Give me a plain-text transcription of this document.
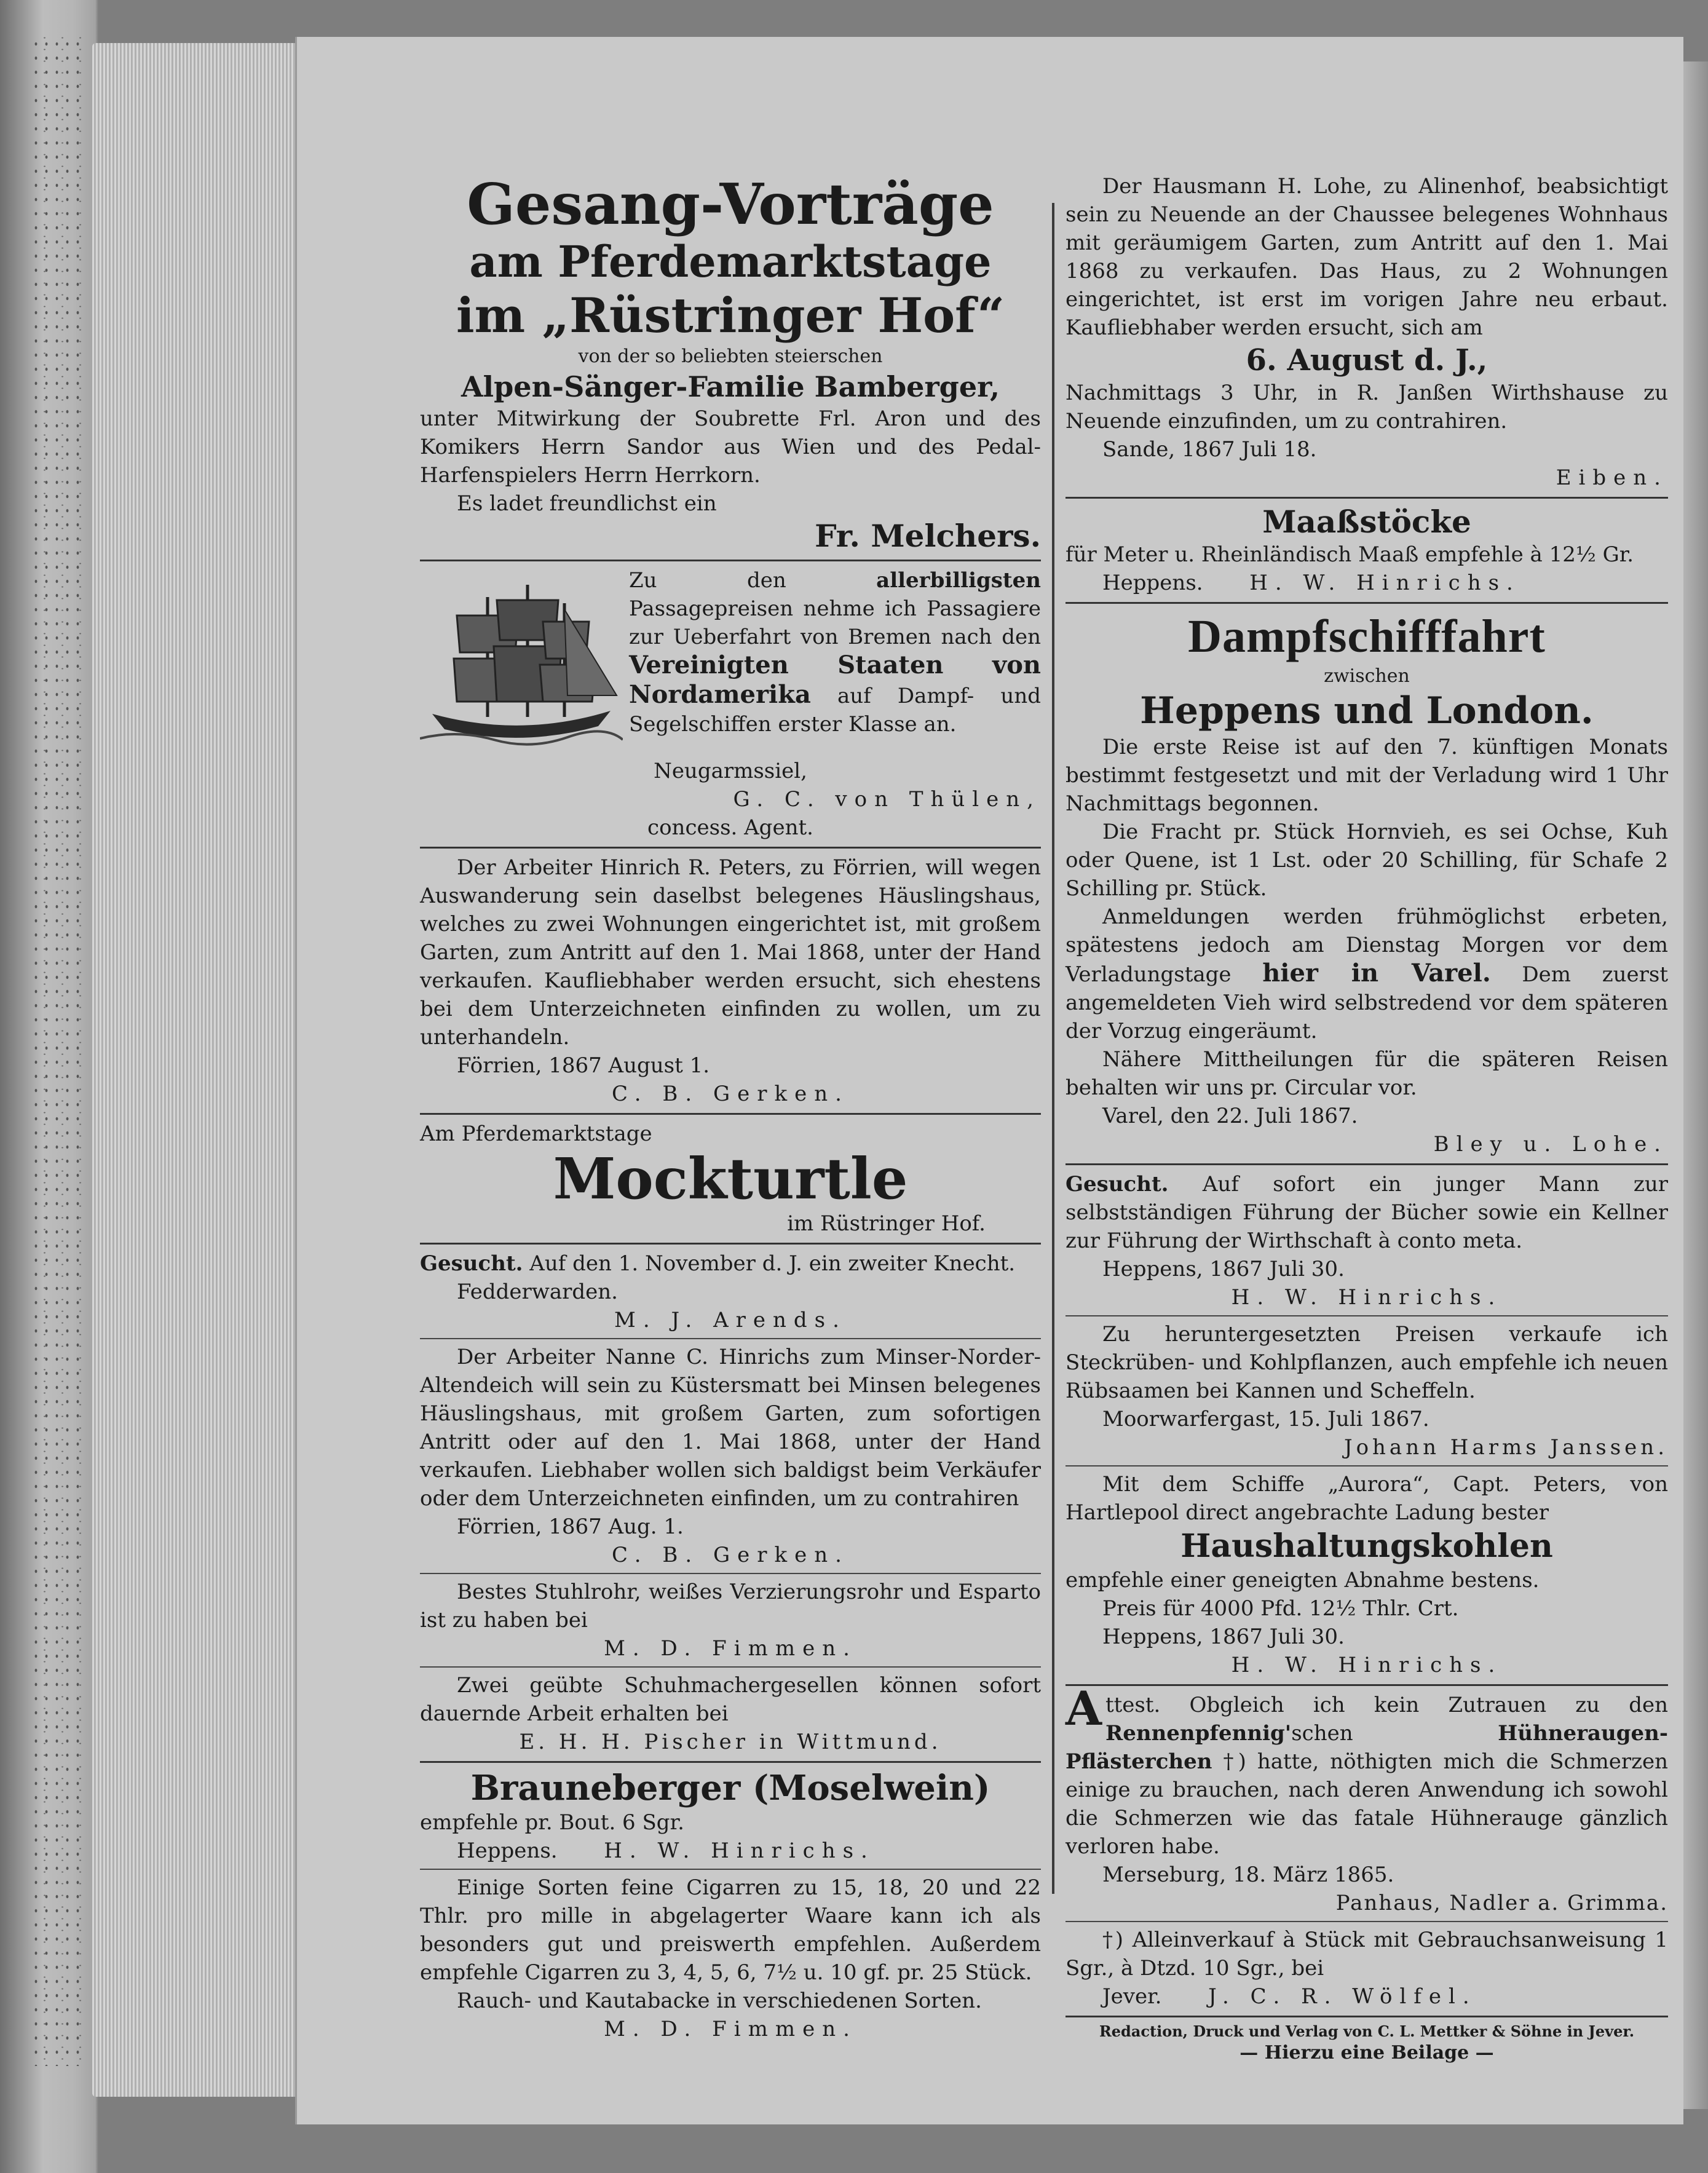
Gesang-Vorträge

am Pferdemarktstage

im „Rüstringer Hof“

von der so beliebten steierschen

Alpen-Sänger-Familie Bamberger,

unter Mitwirkung der Soubrette Frl. Aron und des Komikers Herrn Sandor aus Wien und des Pedal-Harfenspielers Herrn Herrkorn.

Es ladet freundlichst ein

Fr. Melchers.

Zu den allerbilligsten Passagepreisen nehme ich Passagiere zur Ueberfahrt von Bremen nach den Vereinigten Staaten von Nordamerika auf Dampf- und Segelschiffen erster Klasse an.

Neugarmssiel,

G. C. von Thülen,

concess. Agent.

Der Arbeiter Hinrich R. Peters, zu Förrien, will wegen Auswanderung sein daselbst belegenes Häuslingshaus, welches zu zwei Wohnungen eingerichtet ist, mit großem Garten, zum Antritt auf den 1. Mai 1868, unter der Hand verkaufen. Kaufliebhaber werden ersucht, sich ehestens bei dem Unterzeichneten einfinden zu wollen, um zu unterhandeln.

Förrien, 1867 August 1.

C. B. Gerken.

Am Pferdemarktstage

Mockturtle

im Rüstringer Hof.

Gesucht. Auf den 1. November d. J. ein zweiter Knecht.

Fedderwarden.

M. J. Arends.

Der Arbeiter Nanne C. Hinrichs zum Minser-Norder-Altendeich will sein zu Küstersmatt bei Minsen belegenes Häuslingshaus, mit großem Garten, zum sofortigen Antritt oder auf den 1. Mai 1868, unter der Hand verkaufen. Liebhaber wollen sich baldigst beim Verkäufer oder dem Unterzeichneten einfinden, um zu contrahiren

Förrien, 1867 Aug. 1.

C. B. Gerken.

Bestes Stuhlrohr, weißes Verzierungsrohr und Esparto ist zu haben bei

M. D. Fimmen.

Zwei geübte Schuhmachergesellen können sofort dauernde Arbeit erhalten bei

E. H. H. Pischer in Wittmund.

Brauneberger (Moselwein)

empfehle pr. Bout. 6 Sgr.

Heppens. H. W. Hinrichs.

Einige Sorten feine Cigarren zu 15, 18, 20 und 22 Thlr. pro mille in abgelagerter Waare kann ich als besonders gut und preiswerth empfehlen. Außerdem empfehle Cigarren zu 3, 4, 5, 6, 7½ u. 10 gf. pr. 25 Stück.

Rauch- und Kautabacke in verschiedenen Sorten.

M. D. Fimmen.

Der Hausmann H. Lohe, zu Alinenhof, beabsichtigt sein zu Neuende an der Chaussee belegenes Wohnhaus mit geräumigem Garten, zum Antritt auf den 1. Mai 1868 zu verkaufen. Das Haus, zu 2 Wohnungen eingerichtet, ist erst im vorigen Jahre neu erbaut. Kaufliebhaber werden ersucht, sich am

6. August d. J.,

Nachmittags 3 Uhr, in R. Janßen Wirthshause zu Neuende einzufinden, um zu contrahiren.

Sande, 1867 Juli 18.

Eiben.

Maaßstöcke

für Meter u. Rheinländisch Maaß empfehle à 12½ Gr.

Heppens. H. W. Hinrichs.

Dampfschifffahrt

zwischen

Heppens und London.

Die erste Reise ist auf den 7. künftigen Monats bestimmt festgesetzt und mit der Verladung wird 1 Uhr Nachmittags begonnen.

Die Fracht pr. Stück Hornvieh, es sei Ochse, Kuh oder Quene, ist 1 Lst. oder 20 Schilling, für Schafe 2 Schilling pr. Stück.

Anmeldungen werden frühmöglichst erbeten, spätestens jedoch am Dienstag Morgen vor dem Verladungstage hier in Varel. Dem zuerst angemeldeten Vieh wird selbstredend vor dem späteren der Vorzug eingeräumt.

Nähere Mittheilungen für die späteren Reisen behalten wir uns pr. Circular vor.

Varel, den 22. Juli 1867.

Bley u. Lohe.

Gesucht. Auf sofort ein junger Mann zur selbstständigen Führung der Bücher sowie ein Kellner zur Führung der Wirthschaft à conto meta.

Heppens, 1867 Juli 30.

H. W. Hinrichs.

Zu heruntergesetzten Preisen verkaufe ich Steckrüben- und Kohlpflanzen, auch empfehle ich neuen Rübsaamen bei Kannen und Scheffeln.

Moorwarfergast, 15. Juli 1867.

Johann Harms Janssen.

Mit dem Schiffe „Aurora“, Capt. Peters, von Hartlepool direct angebrachte Ladung bester

Haushaltungskohlen

empfehle einer geneigten Abnahme bestens.

Preis für 4000 Pfd. 12½ Thlr. Crt.

Heppens, 1867 Juli 30.

H. W. Hinrichs.

Attest. Obgleich ich kein Zutrauen zu den Rennenpfennig'schen Hühneraugen-Pflästerchen †) hatte, nöthigten mich die Schmerzen einige zu brauchen, nach deren Anwendung ich sowohl die Schmerzen wie das fatale Hühnerauge gänzlich verloren habe.

Merseburg, 18. März 1865.

Panhaus, Nadler a. Grimma.

†) Alleinverkauf à Stück mit Gebrauchsanweisung 1 Sgr., à Dtzd. 10 Sgr., bei

Jever. J. C. R. Wölfel.

Redaction, Druck und Verlag von C. L. Mettker & Söhne in Jever.

— Hierzu eine Beilage —
